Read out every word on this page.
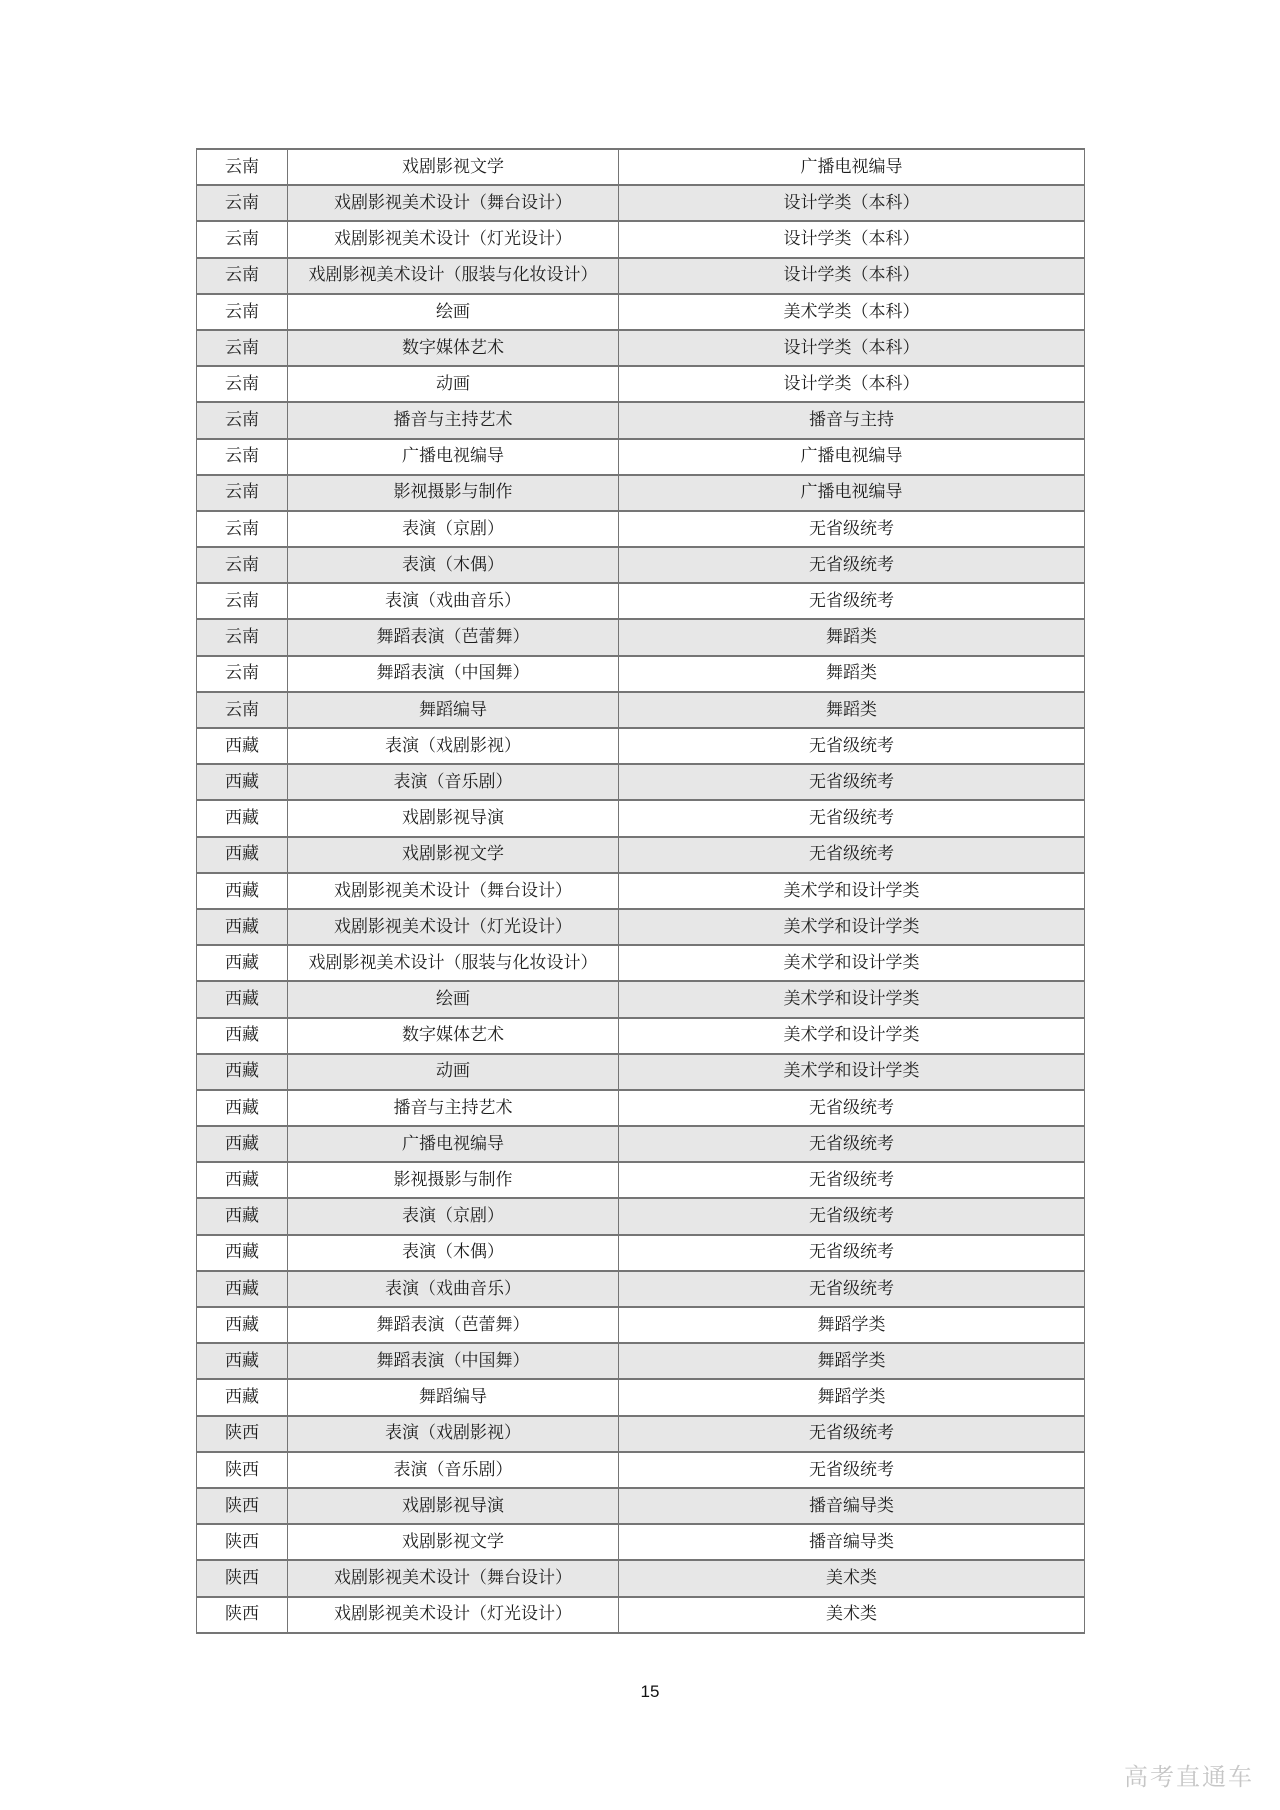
云南	戏剧影视文学	广播电视编导
云南	戏剧影视美术设计（舞台设计）	设计学类（本科）
云南	戏剧影视美术设计（灯光设计）	设计学类（本科）
云南	戏剧影视美术设计（服装与化妆设计）	设计学类（本科）
云南	绘画	美术学类（本科）
云南	数字媒体艺术	设计学类（本科）
云南	动画	设计学类（本科）
云南	播音与主持艺术	播音与主持
云南	广播电视编导	广播电视编导
云南	影视摄影与制作	广播电视编导
云南	表演（京剧）	无省级统考
云南	表演（木偶）	无省级统考
云南	表演（戏曲音乐）	无省级统考
云南	舞蹈表演（芭蕾舞）	舞蹈类
云南	舞蹈表演（中国舞）	舞蹈类
云南	舞蹈编导	舞蹈类
西藏	表演（戏剧影视）	无省级统考
西藏	表演（音乐剧）	无省级统考
西藏	戏剧影视导演	无省级统考
西藏	戏剧影视文学	无省级统考
西藏	戏剧影视美术设计（舞台设计）	美术学和设计学类
西藏	戏剧影视美术设计（灯光设计）	美术学和设计学类
西藏	戏剧影视美术设计（服装与化妆设计）	美术学和设计学类
西藏	绘画	美术学和设计学类
西藏	数字媒体艺术	美术学和设计学类
西藏	动画	美术学和设计学类
西藏	播音与主持艺术	无省级统考
西藏	广播电视编导	无省级统考
西藏	影视摄影与制作	无省级统考
西藏	表演（京剧）	无省级统考
西藏	表演（木偶）	无省级统考
西藏	表演（戏曲音乐）	无省级统考
西藏	舞蹈表演（芭蕾舞）	舞蹈学类
西藏	舞蹈表演（中国舞）	舞蹈学类
西藏	舞蹈编导	舞蹈学类
陕西	表演（戏剧影视）	无省级统考
陕西	表演（音乐剧）	无省级统考
陕西	戏剧影视导演	播音编导类
陕西	戏剧影视文学	播音编导类
陕西	戏剧影视美术设计（舞台设计）	美术类
陕西	戏剧影视美术设计（灯光设计）	美术类
15
高考直通车
